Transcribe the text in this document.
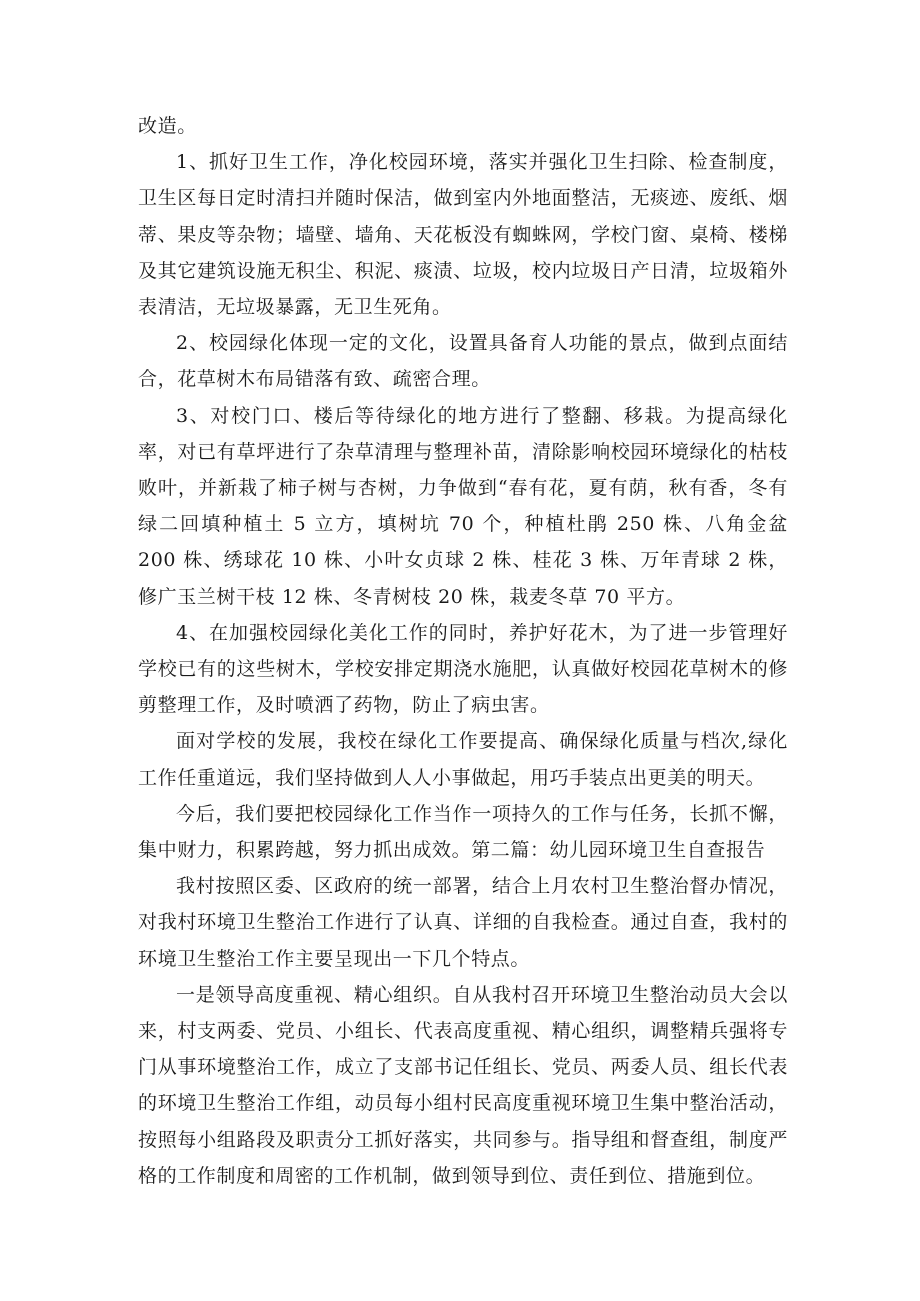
改造。

1、抓好卫生工作，净化校园环境，落实并强化卫生扫除、检查制度，卫生区每日定时清扫并随时保洁，做到室内外地面整洁，无痰迹、废纸、烟蒂、果皮等杂物；墙壁、墙角、天花板没有蜘蛛网，学校门窗、桌椅、楼梯及其它建筑设施无积尘、积泥、痰渍、垃圾，校内垃圾日产日清，垃圾箱外表清洁，无垃圾暴露，无卫生死角。

2、校园绿化体现一定的文化，设置具备育人功能的景点，做到点面结合，花草树木布局错落有致、疏密合理。

3、对校门口、楼后等待绿化的地方进行了整翻、移栽。为提高绿化率，对已有草坪进行了杂草清理与整理补苗，清除影响校园环境绿化的枯枝败叶，并新栽了柿子树与杏树，力争做到“春有花，夏有荫，秋有香，冬有绿二回填种植土 5 立方，填树坑 70 个，种植杜鹃 250 株、八角金盆 200 株、绣球花 10 株、小叶女贞球 2 株、桂花 3 株、万年青球 2 株，修广玉兰树干枝 12 株、冬青树枝 20 株，栽麦冬草 70 平方。

4、在加强校园绿化美化工作的同时，养护好花木，为了进一步管理好学校已有的这些树木，学校安排定期浇水施肥，认真做好校园花草树木的修剪整理工作，及时喷洒了药物，防止了病虫害。

面对学校的发展，我校在绿化工作要提高、确保绿化质量与档次,绿化工作任重道远，我们坚持做到人人小事做起，用巧手装点出更美的明天。

今后，我们要把校园绿化工作当作一项持久的工作与任务，长抓不懈，集中财力，积累跨越，努力抓出成效。第二篇：幼儿园环境卫生自查报告

我村按照区委、区政府的统一部署，结合上月农村卫生整治督办情况，对我村环境卫生整治工作进行了认真、详细的自我检查。通过自查，我村的环境卫生整治工作主要呈现出一下几个特点。

一是领导高度重视、精心组织。自从我村召开环境卫生整治动员大会以来，村支两委、党员、小组长、代表高度重视、精心组织，调整精兵强将专门从事环境整治工作，成立了支部书记任组长、党员、两委人员、组长代表的环境卫生整治工作组，动员每小组村民高度重视环境卫生集中整治活动，按照每小组路段及职责分工抓好落实，共同参与。指导组和督查组，制度严格的工作制度和周密的工作机制，做到领导到位、责任到位、措施到位。
